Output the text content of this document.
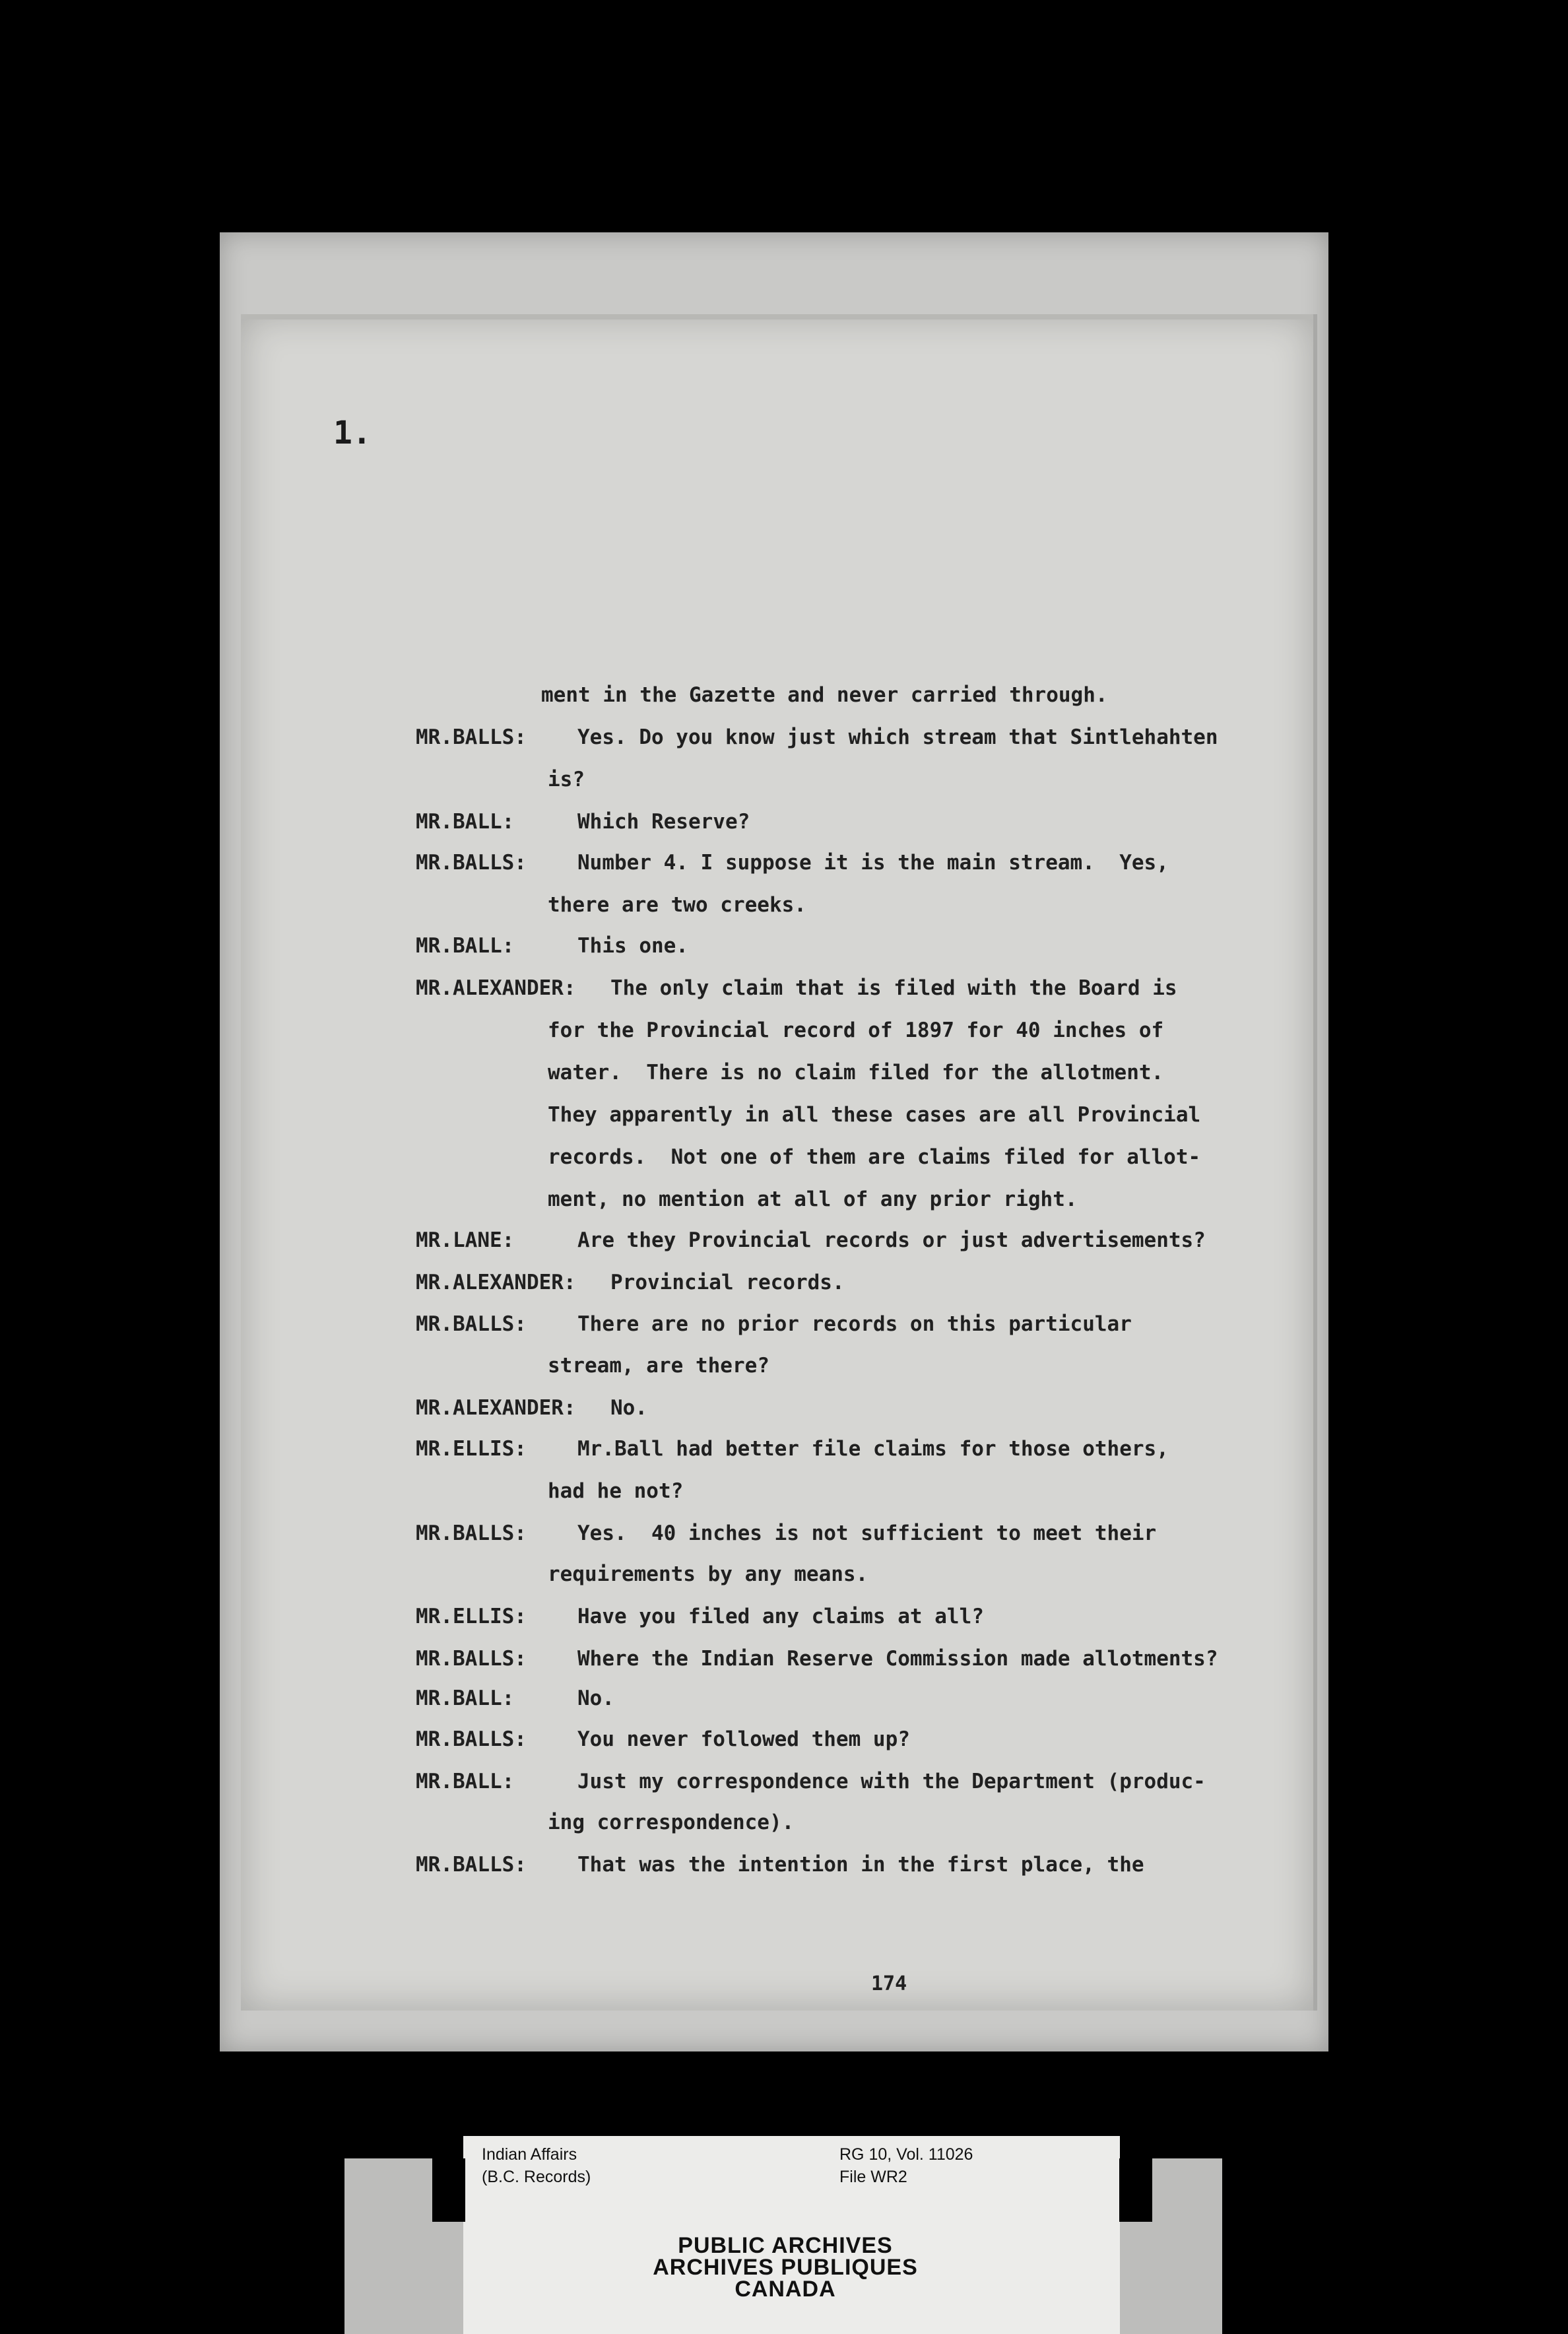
1.
ment in the Gazette and never carried through.
MR.BALLS: Yes. Do you know just which stream that Sintlehahten
is?
MR.BALL:	Which Reserve?
MR.BALLS: Number 4. I suppose it is the main stream.  Yes,
there are two creeks.
MR.BALL:	This one.
MR.ALEXANDER: The only claim that is filed with the Board is
for the Provincial record of 1897 for 40 inches of
water.  There is no claim filed for the allotment.
They apparently in all these cases are all Provincial
records.  Not one of them are claims filed for allot-
ment, no mention at all of any prior right.
MR.LANE:	Are they Provincial records or just advertisements?
MR.ALEXANDER: Provincial records.
MR.BALLS: There are no prior records on this particular
stream, are there?
MR.ALEXANDER: No.
MR.ELLIS: Mr.Ball had better file claims for those others,
had he not?
MR.BALLS: Yes.  40 inches is not sufficient to meet their
requirements by any means.
MR.ELLIS: Have you filed any claims at all?
MR.BALLS: Where the Indian Reserve Commission made allotments?
MR.BALL:	No.
MR.BALLS: You never followed them up?
MR.BALL:	Just my correspondence with the Department (produc-
ing correspondence).
MR.BALLS: That was the intention in the first place, the
174
Indian Affairs
(B.C. Records)
RG 10, Vol. 11026
File WR2
PUBLIC ARCHIVES
ARCHIVES PUBLIQUES
CANADA
